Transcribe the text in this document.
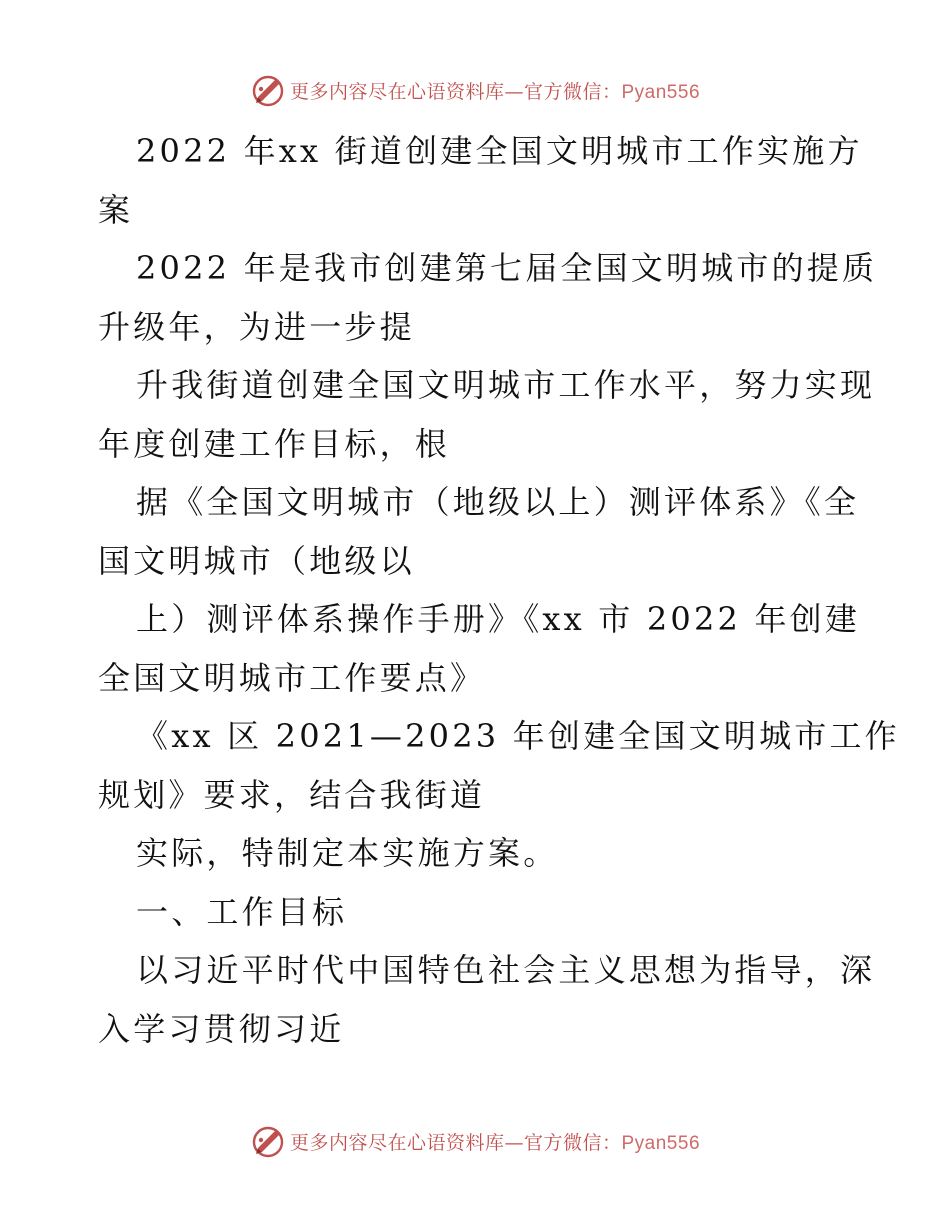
更多内容尽在心语资料库—官方微信：Pyan556
2022 年xx 街道创建全国文明城市工作实施方
案
2022 年是我市创建第七届全国文明城市的提质
升级年，为进一步提
升我街道创建全国文明城市工作水平，努力实现
年度创建工作目标，根
据《全国文明城市（地级以上）测评体系》《全
国文明城市（地级以
上）测评体系操作手册》《xx 市 2022 年创建
全国文明城市工作要点》
《xx 区 2021—2023 年创建全国文明城市工作
规划》要求，结合我街道
实际，特制定本实施方案。
一、工作目标
以习近平时代中国特色社会主义思想为指导，深
入学习贯彻习近
更多内容尽在心语资料库—官方微信：Pyan556
